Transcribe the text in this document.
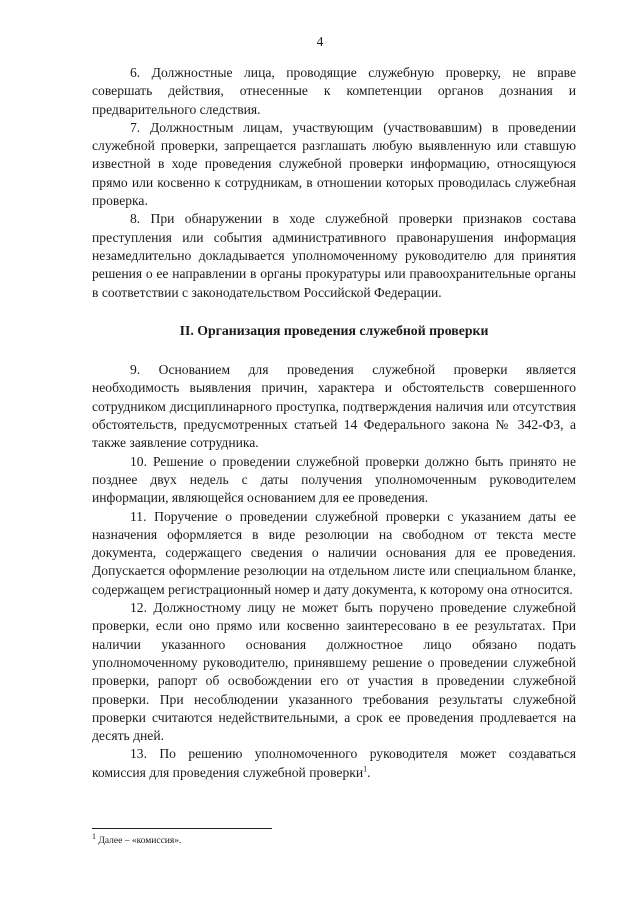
4

6. Должностные лица, проводящие служебную проверку, не вправе совершать действия, отнесенные к компетенции органов дознания и предварительного следствия.

7. Должностным лицам, участвующим (участвовавшим) в проведении служебной проверки, запрещается разглашать любую выявленную или ставшую известной в ходе проведения служебной проверки информацию, относящуюся прямо или косвенно к сотрудникам, в отношении которых проводилась служебная проверка.

8. При обнаружении в ходе служебной проверки признаков состава преступления или события административного правонарушения информация незамедлительно докладывается уполномоченному руководителю для принятия решения о ее направлении в органы прокуратуры или правоохранительные органы в соответствии с законодательством Российской Федерации.

II. Организация проведения служебной проверки

9. Основанием для проведения служебной проверки является необходимость выявления причин, характера и обстоятельств совершенного сотрудником дисциплинарного проступка, подтверждения наличия или отсутствия обстоятельств, предусмотренных статьей 14 Федерального закона № 342-ФЗ, а также заявление сотрудника.

10. Решение о проведении служебной проверки должно быть принято не позднее двух недель с даты получения уполномоченным руководителем информации, являющейся основанием для ее проведения.

11. Поручение о проведении служебной проверки с указанием даты ее назначения оформляется в виде резолюции на свободном от текста месте документа, содержащего сведения о наличии основания для ее проведения. Допускается оформление резолюции на отдельном листе или специальном бланке, содержащем регистрационный номер и дату документа, к которому она относится.

12. Должностному лицу не может быть поручено проведение служебной проверки, если оно прямо или косвенно заинтересовано в ее результатах. При наличии указанного основания должностное лицо обязано подать уполномоченному руководителю, принявшему решение о проведении служебной проверки, рапорт об освобождении его от участия в проведении служебной проверки. При несоблюдении указанного требования результаты служебной проверки считаются недействительными, а срок ее проведения продлевается на десять дней.

13. По решению уполномоченного руководителя может создаваться комиссия для проведения служебной проверки$^1$.

$^1$ Далее – «комиссия».
